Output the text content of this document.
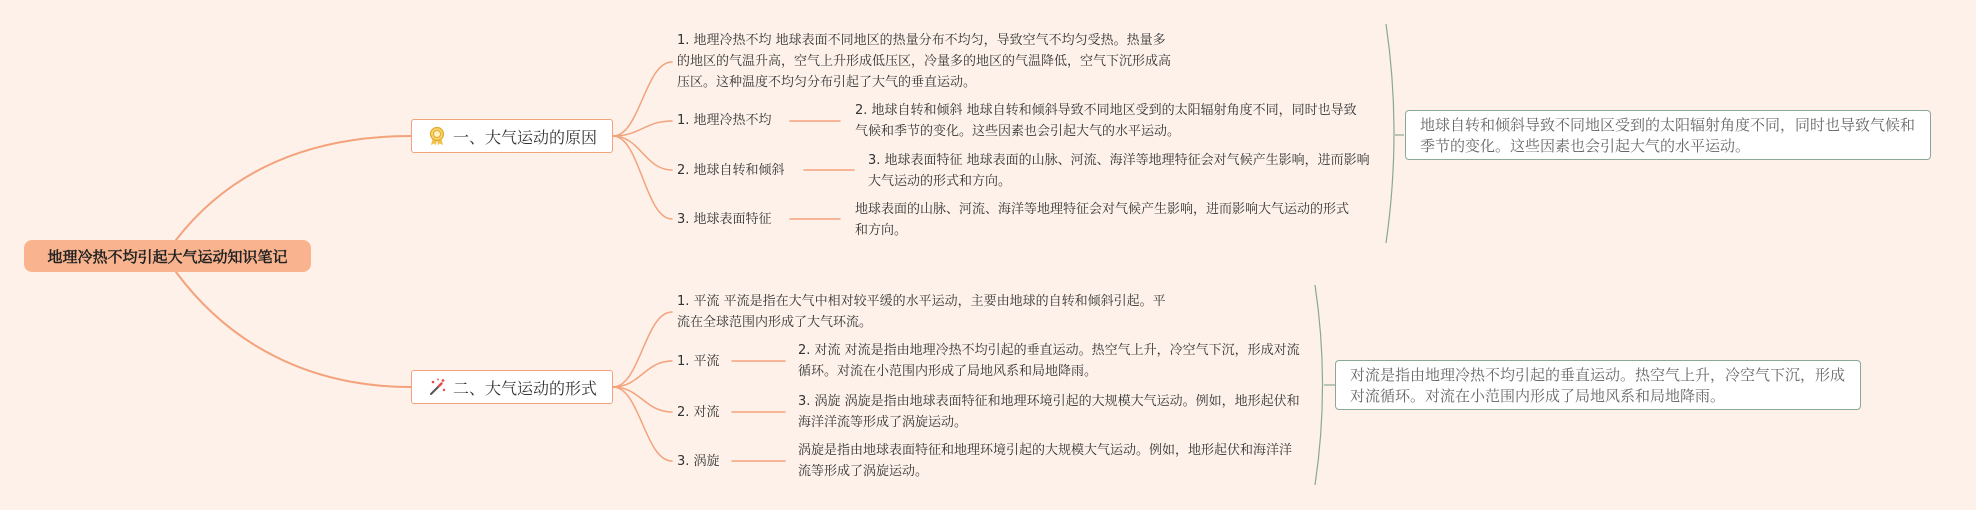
地理冷热不均引起大气运动知识笔记
一、大气运动的原因
二、大气运动的形式
1. 地理冷热不均 地球表面不同地区的热量分布不均匀，导致空气不均匀受热。热量多的地区的气温升高，空气上升形成低压区，冷量多的地区的气温降低，空气下沉形成高压区。这种温度不均匀分布引起了大气的垂直运动。
1. 地理冷热不均
2. 地球自转和倾斜 地球自转和倾斜导致不同地区受到的太阳辐射角度不同，同时也导致气候和季节的变化。这些因素也会引起大气的水平运动。
2. 地球自转和倾斜
3. 地球表面特征 地球表面的山脉、河流、海洋等地理特征会对气候产生影响，进而影响大气运动的形式和方向。
3. 地球表面特征
地球表面的山脉、河流、海洋等地理特征会对气候产生影响，进而影响大气运动的形式和方向。
1. 平流 平流是指在大气中相对较平缓的水平运动，主要由地球的自转和倾斜引起。平流在全球范围内形成了大气环流。
1. 平流
2. 对流 对流是指由地理冷热不均引起的垂直运动。热空气上升，冷空气下沉，形成对流循环。对流在小范围内形成了局地风系和局地降雨。
2. 对流
3. 涡旋 涡旋是指由地球表面特征和地理环境引起的大规模大气运动。例如，地形起伏和海洋洋流等形成了涡旋运动。
3. 涡旋
涡旋是指由地球表面特征和地理环境引起的大规模大气运动。例如，地形起伏和海洋洋流等形成了涡旋运动。
地球自转和倾斜导致不同地区受到的太阳辐射角度不同，同时也导致气候和季节的变化。这些因素也会引起大气的水平运动。
对流是指由地理冷热不均引起的垂直运动。热空气上升，冷空气下沉，形成对流循环。对流在小范围内形成了局地风系和局地降雨。
